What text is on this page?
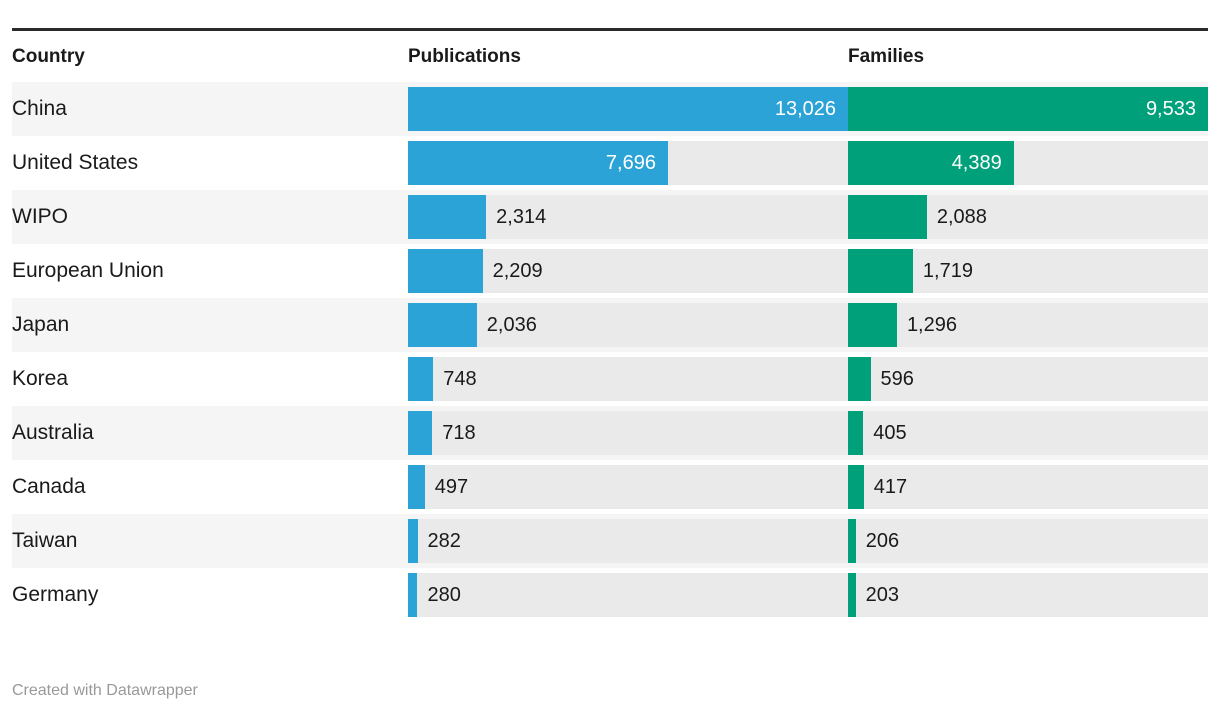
Country	Publications	Families
China	13,026	9,533

United States	7,696	4,389

WIPO	2,314	2,088

European Union	2,209	1,719

Japan	2,036	1,296

Korea	748	596

Australia	718	405

Canada	497	417

Taiwan	282	206

Germany	280	203
Created with Datawrapper
